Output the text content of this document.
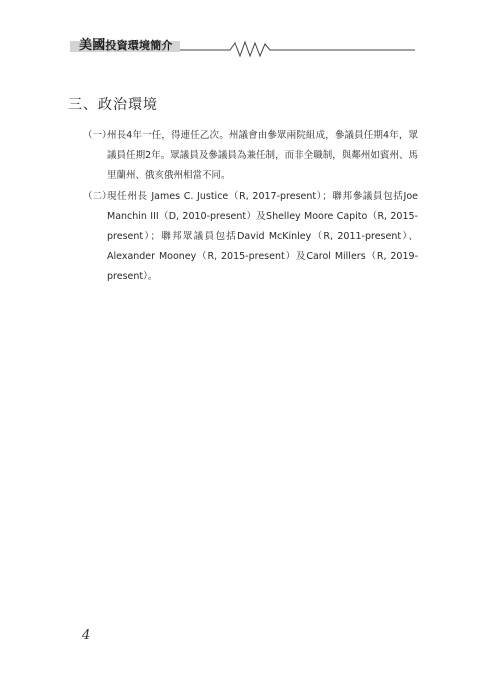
美國投資環境簡介
三、政治環境
（一）
州長4年一任，得連任乙次。州議會由參眾兩院組成，參議員任期4年，眾議員任期2年。眾議員及參議員為兼任制，而非全職制，與鄰州如賓州、馬里蘭州、俄亥俄州相當不同。
（二）
現任州長 James C. Justice（R, 2017-present）；聯邦參議員包括Joe Manchin III（D, 2010-present）及Shelley Moore Capito（R, 2015-present）；聯邦眾議員包括David McKinley（R, 2011-present）、Alexander Mooney（R, 2015-present）及Carol Millers（R, 2019-present）。
4
